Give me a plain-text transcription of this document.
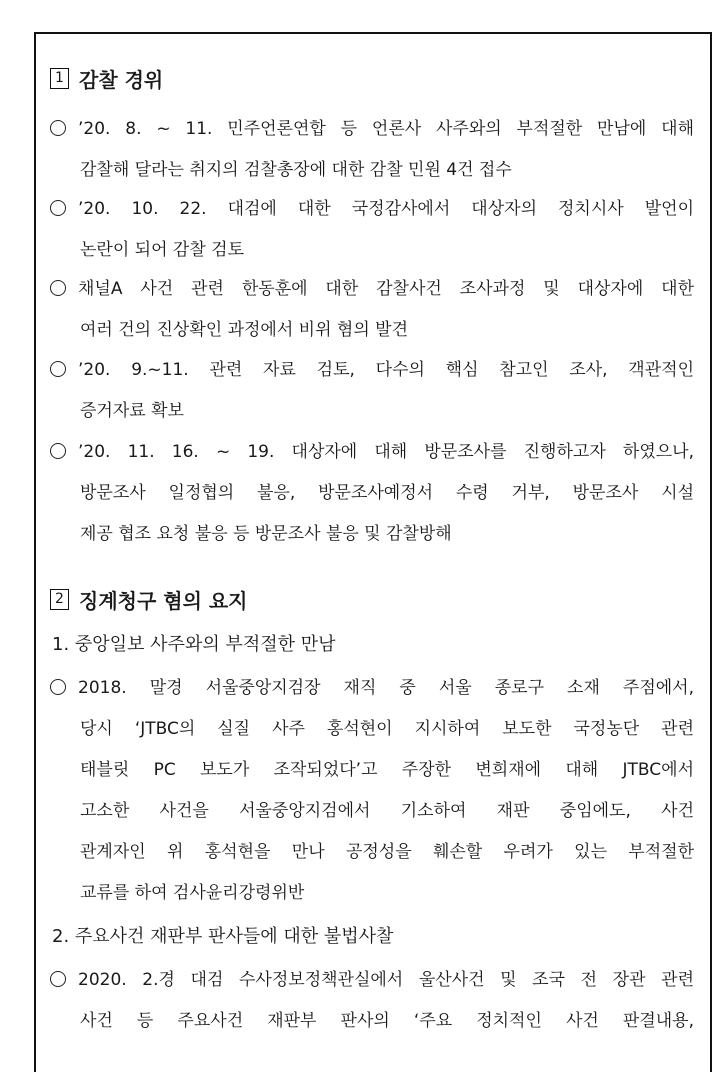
1 감찰 경위
’20. 8. ~ 11. 민주언론연합 등 언론사 사주와의 부적절한 만남에 대해
감찰해 달라는 취지의 검찰총장에 대한 감찰 민원 4건 접수
’20. 10. 22. 대검에 대한 국정감사에서 대상자의 정치시사 발언이
논란이 되어 감찰 검토
채널A 사건 관련 한동훈에 대한 감찰사건 조사과정 및 대상자에 대한
여러 건의 진상확인 과정에서 비위 혐의 발견
’20. 9.~11. 관련 자료 검토, 다수의 핵심 참고인 조사, 객관적인
증거자료 확보
’20. 11. 16. ~ 19. 대상자에 대해 방문조사를 진행하고자 하였으나,
방문조사 일정협의 불응, 방문조사예정서 수령 거부, 방문조사 시설
제공 협조 요청 불응 등 방문조사 불응 및 감찰방해
2 징계청구 혐의 요지
1. 중앙일보 사주와의 부적절한 만남
2018. 말경 서울중앙지검장 재직 중 서울 종로구 소재 주점에서,
당시 ‘JTBC의 실질 사주 홍석현이 지시하여 보도한 국정농단 관련
태블릿 PC 보도가 조작되었다’고 주장한 변희재에 대해 JTBC에서
고소한 사건을 서울중앙지검에서 기소하여 재판 중임에도, 사건
관계자인 위 홍석현을 만나 공정성을 훼손할 우려가 있는 부적절한
교류를 하여 검사윤리강령위반
2. 주요사건 재판부 판사들에 대한 불법사찰
2020. 2.경 대검 수사정보정책관실에서 울산사건 및 조국 전 장관 관련
사건 등 주요사건 재판부 판사의 ‘주요 정치적인 사건 판결내용,
